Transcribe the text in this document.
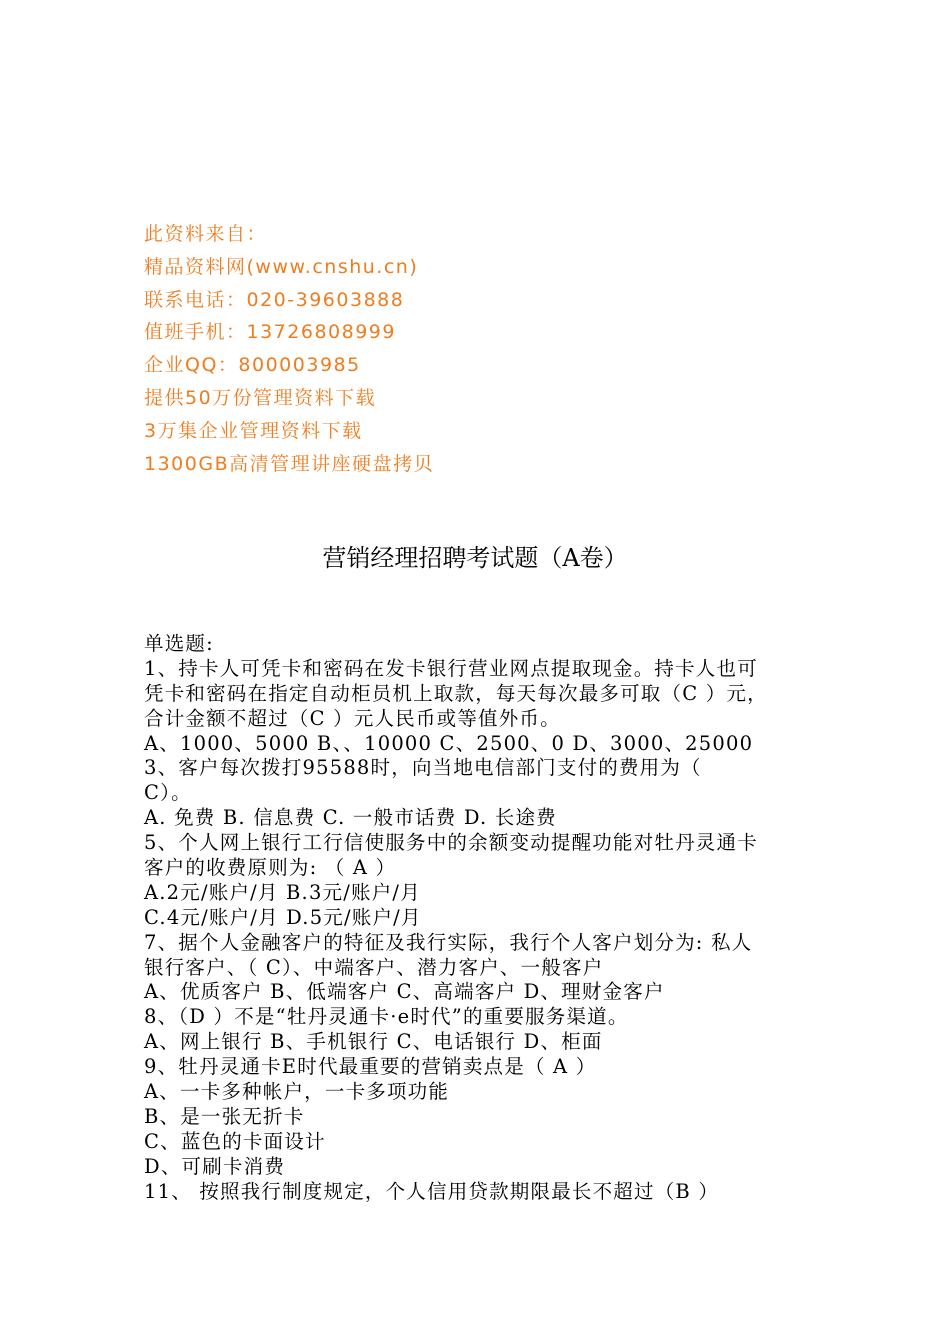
此资料来自：
精品资料网(www.cnshu.cn)
联系电话：020-39603888
值班手机：13726808999
企业QQ：800003985
提供50万份管理资料下载
3万集企业管理资料下载
1300GB高清管理讲座硬盘拷贝
营销经理招聘考试题（A卷）
单选题:
1、持卡人可凭卡和密码在发卡银行营业网点提取现金。持卡人也可
凭卡和密码在指定自动柜员机上取款，每天每次最多可取（C ）元，
合计金额不超过（C ）元人民币或等值外币。
A、1000、5000 B、、10000 C、2500、0 D、3000、25000
3、客户每次拨打95588时，向当地电信部门支付的费用为（
C）。
A. 免费 B. 信息费 C. 一般市话费 D. 长途费
5、个人网上银行工行信使服务中的余额变动提醒功能对牡丹灵通卡
客户的收费原则为: （ A ）
A.2元/账户/月 B.3元/账户/月
C.4元/账户/月 D.5元/账户/月
7、据个人金融客户的特征及我行实际，我行个人客户划分为: 私人
银行客户、（ C）、中端客户、潜力客户、一般客户
A、优质客户 B、低端客户 C、高端客户 D、理财金客户
8、（D ）不是“牡丹灵通卡·e时代”的重要服务渠道。
A、网上银行 B、手机银行 C、电话银行 D、柜面
9、牡丹灵通卡E时代最重要的营销卖点是（ A ）
A、一卡多种帐户，一卡多项功能
B、是一张无折卡
C、蓝色的卡面设计
D、可刷卡消费
11、 按照我行制度规定，个人信用贷款期限最长不超过（B ）
